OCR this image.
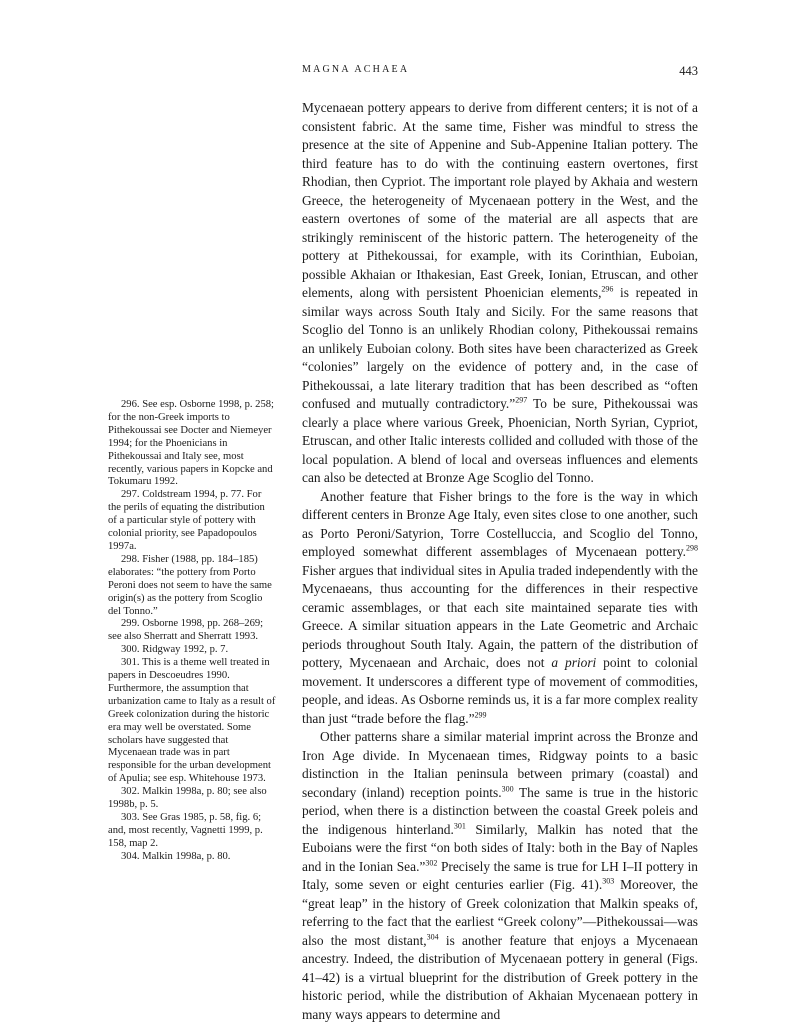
MAGNA ACHAEA	443

Mycenaean pottery appears to derive from different centers; it is not of a consistent fabric. At the same time, Fisher was mindful to stress the presence at the site of Appenine and Sub-Appenine Italian pottery. The third feature has to do with the continuing eastern overtones, first Rhodian, then Cypriot. The important role played by Akhaia and western Greece, the heterogeneity of Mycenaean pottery in the West, and the eastern overtones of some of the material are all aspects that are strikingly reminiscent of the historic pattern. The heterogeneity of the pottery at Pithekoussai, for example, with its Corinthian, Euboian, possible Akhaian or Ithakesian, East Greek, Ionian, Etruscan, and other elements, along with persistent Phoenician elements,$^{296}$ is repeated in similar ways across South Italy and Sicily. For the same reasons that Scoglio del Tonno is an unlikely Rhodian colony, Pithekoussai remains an unlikely Euboian colony. Both sites have been characterized as Greek “colonies” largely on the evidence of pottery and, in the case of Pithekoussai, a late literary tradition that has been described as “often confused and mutually contradictory.”$^{297}$ To be sure, Pithekoussai was clearly a place where various Greek, Phoenician, North Syrian, Cypriot, Etruscan, and other Italic interests collided and colluded with those of the local population. A blend of local and overseas influences and elements can also be detected at Bronze Age Scoglio del Tonno.

Another feature that Fisher brings to the fore is the way in which different centers in Bronze Age Italy, even sites close to one another, such as Porto Peroni/Satyrion, Torre Costelluccia, and Scoglio del Tonno, employed somewhat different assemblages of Mycenaean pottery.$^{298}$ Fisher argues that individual sites in Apulia traded independently with the Mycenaeans, thus accounting for the differences in their respective ceramic assemblages, or that each site maintained separate ties with Greece. A similar situation appears in the Late Geometric and Archaic periods throughout South Italy. Again, the pattern of the distribution of pottery, Mycenaean and Archaic, does not a priori point to colonial movement. It underscores a different type of movement of commodities, people, and ideas. As Osborne reminds us, it is a far more complex reality than just “trade before the flag.”$^{299}$

Other patterns share a similar material imprint across the Bronze and Iron Age divide. In Mycenaean times, Ridgway points to a basic distinction in the Italian peninsula between primary (coastal) and secondary (inland) reception points.$^{300}$ The same is true in the historic period, when there is a distinction between the coastal Greek poleis and the indigenous hinterland.$^{301}$ Similarly, Malkin has noted that the Euboians were the first “on both sides of Italy: both in the Bay of Naples and in the Ionian Sea.”$^{302}$ Precisely the same is true for LH I–II pottery in Italy, some seven or eight centuries earlier (Fig. 41).$^{303}$ Moreover, the “great leap” in the history of Greek colonization that Malkin speaks of, referring to the fact that the earliest “Greek colony”—Pithekoussai—was also the most distant,$^{304}$ is another feature that enjoys a Mycenaean ancestry. Indeed, the distribution of Mycenaean pottery in general (Figs. 41–42) is a virtual blueprint for the distribution of Greek pottery in the historic period, while the distribution of Akhaian Mycenaean pottery in many ways appears to determine and

296. See esp. Osborne 1998, p. 258; for the non-Greek imports to Pithekoussai see Docter and Niemeyer 1994; for the Phoenicians in Pithekoussai and Italy see, most recently, various papers in Kopcke and Tokumaru 1992.

297. Coldstream 1994, p. 77. For the perils of equating the distribution of a particular style of pottery with colonial priority, see Papadopoulos 1997a.

298. Fisher (1988, pp. 184–185) elaborates: “the pottery from Porto Peroni does not seem to have the same origin(s) as the pottery from Scoglio del Tonno.”

299. Osborne 1998, pp. 268–269; see also Sherratt and Sherratt 1993.

300. Ridgway 1992, p. 7.

301. This is a theme well treated in papers in Descoeudres 1990. Furthermore, the assumption that urbanization came to Italy as a result of Greek colonization during the historic era may well be overstated. Some scholars have suggested that Mycenaean trade was in part responsible for the urban development of Apulia; see esp. Whitehouse 1973.

302. Malkin 1998a, p. 80; see also 1998b, p. 5.

303. See Gras 1985, p. 58, fig. 6; and, most recently, Vagnetti 1999, p. 158, map 2.

304. Malkin 1998a, p. 80.
